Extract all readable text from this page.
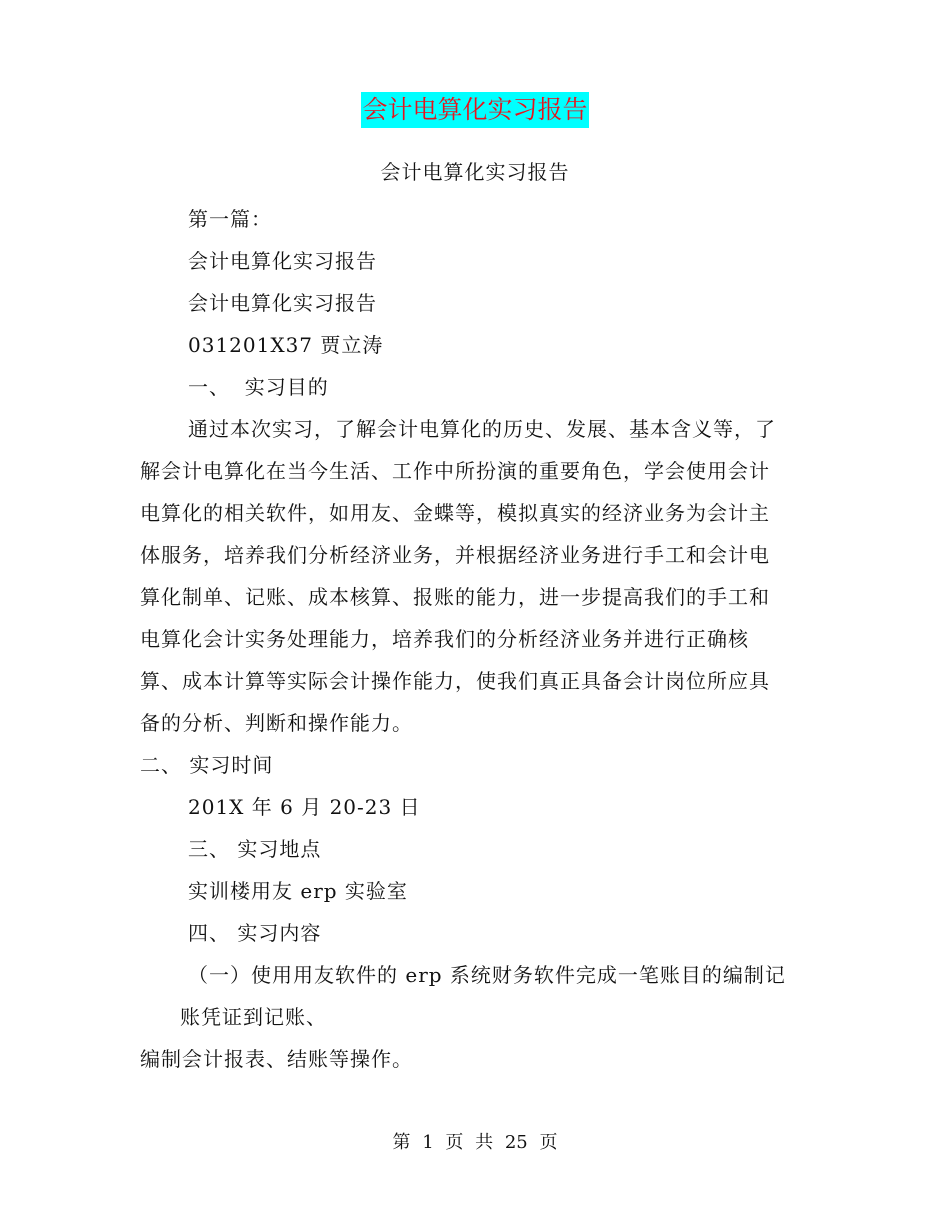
会计电算化实习报告
会计电算化实习报告
第一篇：
会计电算化实习报告
会计电算化实习报告
031201X37 贾立涛
一、  实习目的
通过本次实习，了解会计电算化的历史、发展、基本含义等，了
解会计电算化在当今生活、工作中所扮演的重要角色，学会使用会计
电算化的相关软件，如用友、金蝶等，模拟真实的经济业务为会计主
体服务，培养我们分析经济业务，并根据经济业务进行手工和会计电
算化制单、记账、成本核算、报账的能力，进一步提高我们的手工和
电算化会计实务处理能力，培养我们的分析经济业务并进行正确核
算、成本计算等实际会计操作能力，使我们真正具备会计岗位所应具
备的分析、判断和操作能力。
二、 实习时间
201X 年 6 月 20-23 日
三、 实习地点
实训楼用友 erp 实验室
四、 实习内容
（一）使用用友软件的 erp 系统财务软件完成一笔账目的编制记
账凭证到记账、
编制会计报表、结账等操作。
第 1 页 共 25 页
